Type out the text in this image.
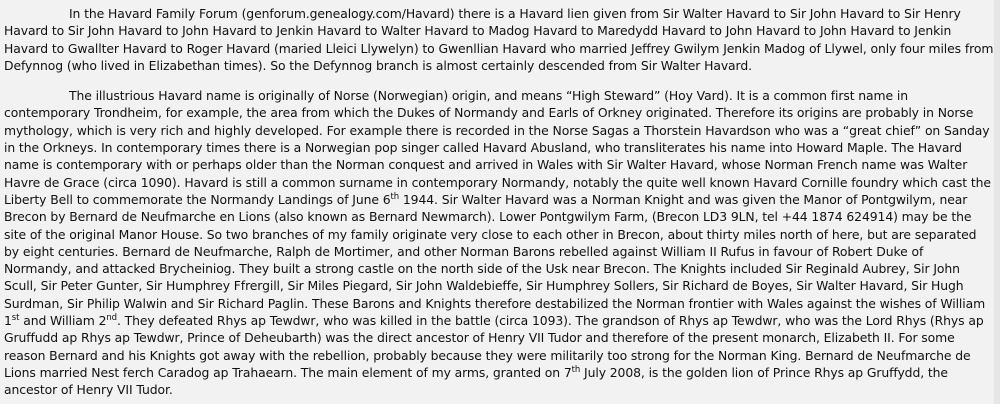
In the Havard Family Forum (genforum.genealogy.com/Havard) there is a Havard lien given from Sir Walter Havard to Sir John Havard to Sir Henry Havard to Sir John Havard to John Havard to Jenkin Havard to Walter Havard to Madog Havard to Maredydd Havard to John Havard to John Havard to Jenkin Havard to Gwallter Havard to Roger Havard (maried Lleici Llywelyn) to Gwenllian Havard who married Jeffrey Gwilym Jenkin Madog of Llywel, only four miles from Defynnog (who lived in Elizabethan times). So the Defynnog branch is almost certainly descended from Sir Walter Havard.

The illustrious Havard name is originally of Norse (Norwegian) origin, and means “High Steward” (Hoy Vard). It is a common first name in contemporary Trondheim, for example, the area from which the Dukes of Normandy and Earls of Orkney originated. Therefore its origins are probably in Norse mythology, which is very rich and highly developed. For example there is recorded in the Norse Sagas a Thorstein Havardson who was a “great chief” on Sanday in the Orkneys. In contemporary times there is a Norwegian pop singer called Havard Abusland, who transliterates his name into Howard Maple. The Havard name is contemporary with or perhaps older than the Norman conquest and arrived in Wales with Sir Walter Havard, whose Norman French name was Walter Havre de Grace (circa 1090). Havard is still a common surname in contemporary Normandy, notably the quite well known Havard Cornille foundry which cast the Liberty Bell to commemorate the Normandy Landings of June 6th 1944. Sir Walter Havard was a Norman Knight and was given the Manor of Pontgwilym, near Brecon by Bernard de Neufmarche en Lions (also known as Bernard Newmarch). Lower Pontgwilym Farm, (Brecon LD3 9LN, tel +44 1874 624914) may be the site of the original Manor House. So two branches of my family originate very close to each other in Brecon, about thirty miles north of here, but are separated by eight centuries. Bernard de Neufmarche, Ralph de Mortimer, and other Norman Barons rebelled against William II Rufus in favour of Robert Duke of Normandy, and attacked Brycheiniog. They built a strong castle on the north side of the Usk near Brecon. The Knights included Sir Reginald Aubrey, Sir John Scull, Sir Peter Gunter, Sir Humphrey Ffrergill, Sir Miles Piegard, Sir John Waldebieffe, Sir Humphrey Sollers, Sir Richard de Boyes, Sir Walter Havard, Sir Hugh Surdman, Sir Philip Walwin and Sir Richard Paglin. These Barons and Knights therefore destabilized the Norman frontier with Wales against the wishes of William 1st and William 2nd. They defeated Rhys ap Tewdwr, who was killed in the battle (circa 1093). The grandson of Rhys ap Tewdwr, who was the Lord Rhys (Rhys ap Gruffudd ap Rhys ap Tewdwr, Prince of Deheubarth) was the direct ancestor of Henry VII Tudor and therefore of the present monarch, Elizabeth II. For some reason Bernard and his Knights got away with the rebellion, probably because they were militarily too strong for the Norman King. Bernard de Neufmarche de Lions married Nest ferch Caradog ap Trahaearn. The main element of my arms, granted on 7th July 2008, is the golden lion of Prince Rhys ap Gruffydd, the ancestor of Henry VII Tudor.
